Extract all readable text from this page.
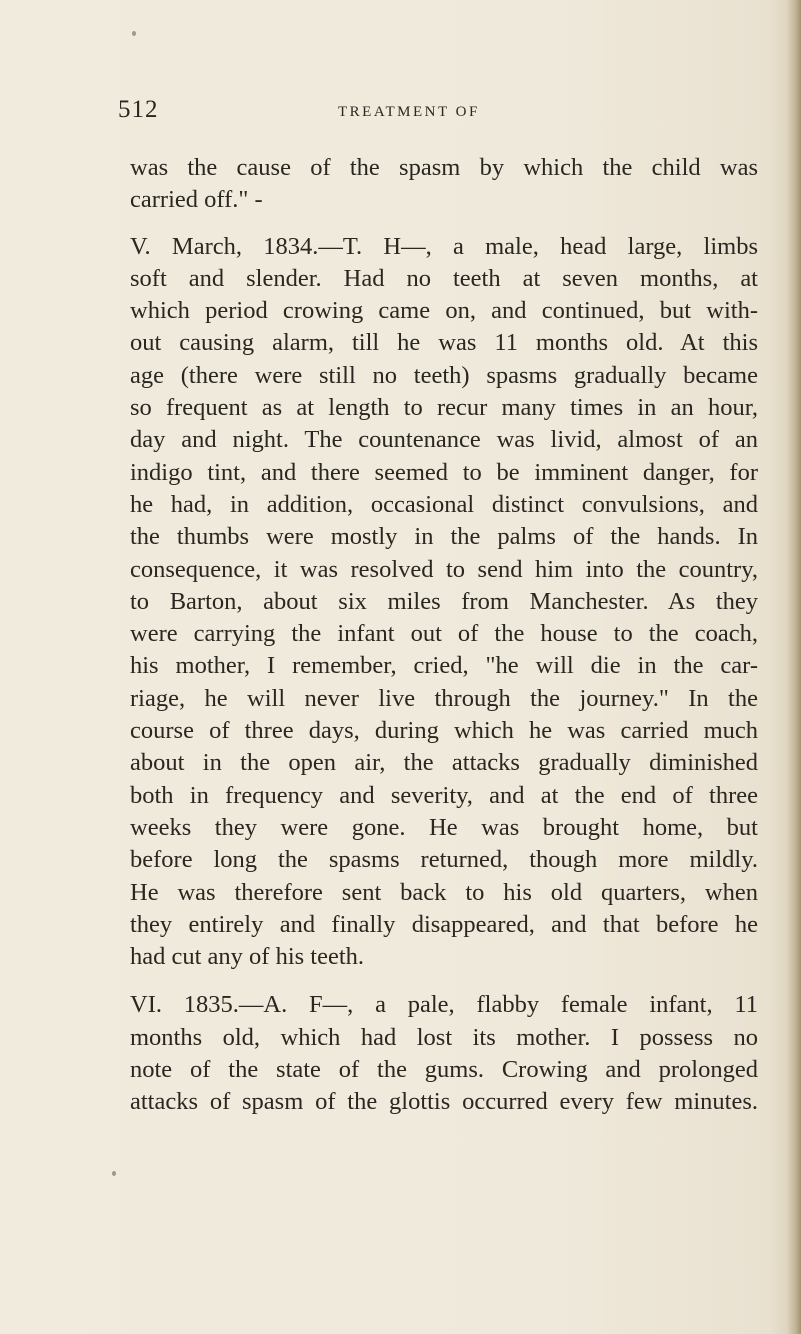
512	TREATMENT OF
was the cause of the spasm by which the child was
carried off." -
V. March, 1834.—T. H—, a male, head large, limbs
soft and slender. Had no teeth at seven months, at
which period crowing came on, and continued, but with-
out causing alarm, till he was 11 months old. At this
age (there were still no teeth) spasms gradually became
so frequent as at length to recur many times in an hour,
day and night. The countenance was livid, almost of an
indigo tint, and there seemed to be imminent danger, for
he had, in addition, occasional distinct convulsions, and
the thumbs were mostly in the palms of the hands. In
consequence, it was resolved to send him into the country,
to Barton, about six miles from Manchester. As they
were carrying the infant out of the house to the coach,
his mother, I remember, cried, "he will die in the car-
riage, he will never live through the journey." In the
course of three days, during which he was carried much
about in the open air, the attacks gradually diminished
both in frequency and severity, and at the end of three
weeks they were gone. He was brought home, but
before long the spasms returned, though more mildly.
He was therefore sent back to his old quarters, when
they entirely and finally disappeared, and that before he
had cut any of his teeth.
VI. 1835.—A. F—, a pale, flabby female infant, 11
months old, which had lost its mother. I possess no
note of the state of the gums. Crowing and prolonged
attacks of spasm of the glottis occurred every few minutes.
